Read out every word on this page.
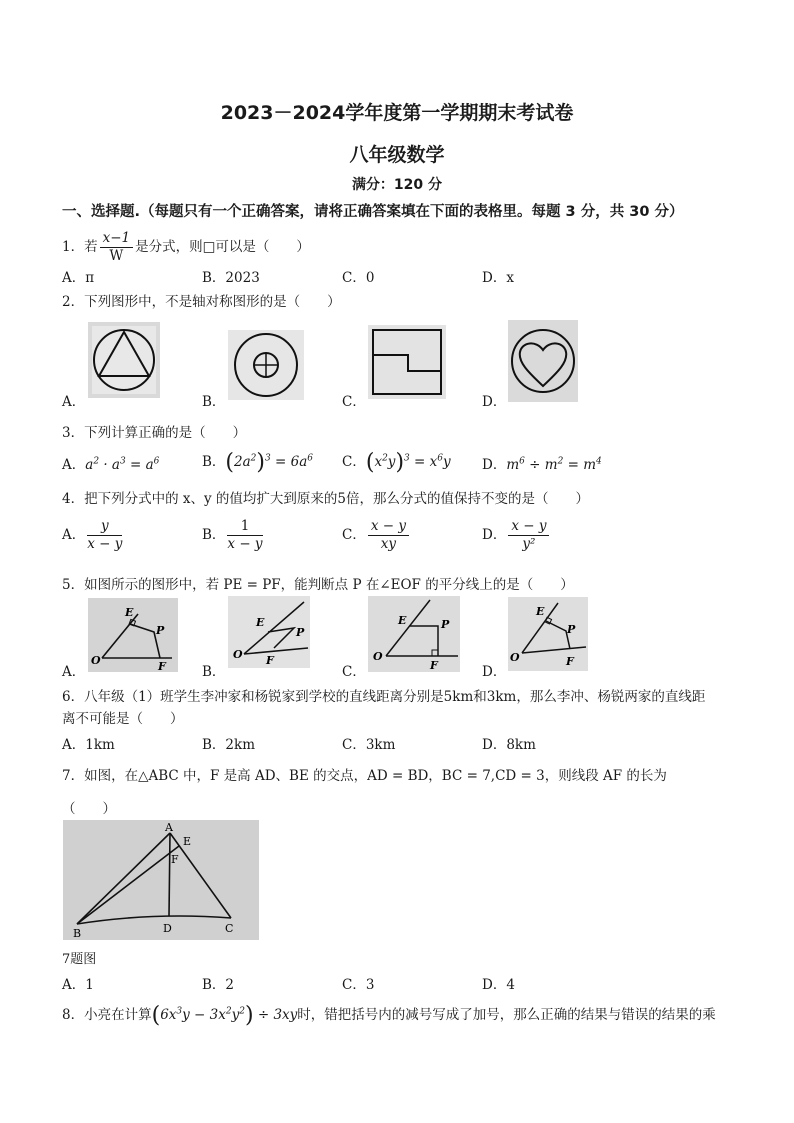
2023－2024学年度第一学期期末考试卷
八年级数学
满分：120 分
一、选择题.（每题只有一个正确答案，请将正确答案填在下面的表格里。每题 3 分，共 30 分）
1．若 $\frac{x-1}{W}$ 是分式，则□可以是（　　）
A．π	B．2023	C．0	D．x
2．下列图形中，不是轴对称图形的是（　　）
A．	B．	C．	D．
3．下列计算正确的是（　　）
A．$a^2 \cdot a^3 = a^6$	B．$(2a^2)^3 = 6a^6$ C．$(x^2y)^3 = x^6y$ D．$m^6 \div m^2 = m^4$
4．把下列分式中的 x、y 的值均扩大到原来的5倍，那么分式的值保持不变的是（　　）
A． $\frac{y}{x - y}$	B． $\frac{1}{x - y}$	C． $\frac{x - y}{xy}$	D． $\frac{x - y}{\text{y²}}$
5．如图所示的图形中，若 PE = PF，能判断点 P 在∠EOF 的平分线上的是（　　）
E
P
O	F
E
P
O F
E	P
O
F
E
P
O	F
A．	B．	C．	D．
6．八年级（1）班学生李冲家和杨锐家到学校的直线距离分别是5km和3km，那么李冲、杨锐两家的直线距
离不可能是（　　）
A．1km	B．2km	C．3km	D．8km
7．如图，在△ABC 中，F 是高 AD、BE 的交点，AD = BD，BC = 7,CD = 3，则线段 AF 的长为
（　　）
A
E
F
B	D	C
7题图
A．1	B．2	C．3	D．4
8．小亮在计算$(6x^3y - 3x^2y^2) \div 3xy$时，错把括号内的减号写成了加号，那么正确的结果与错误的结果的乘
